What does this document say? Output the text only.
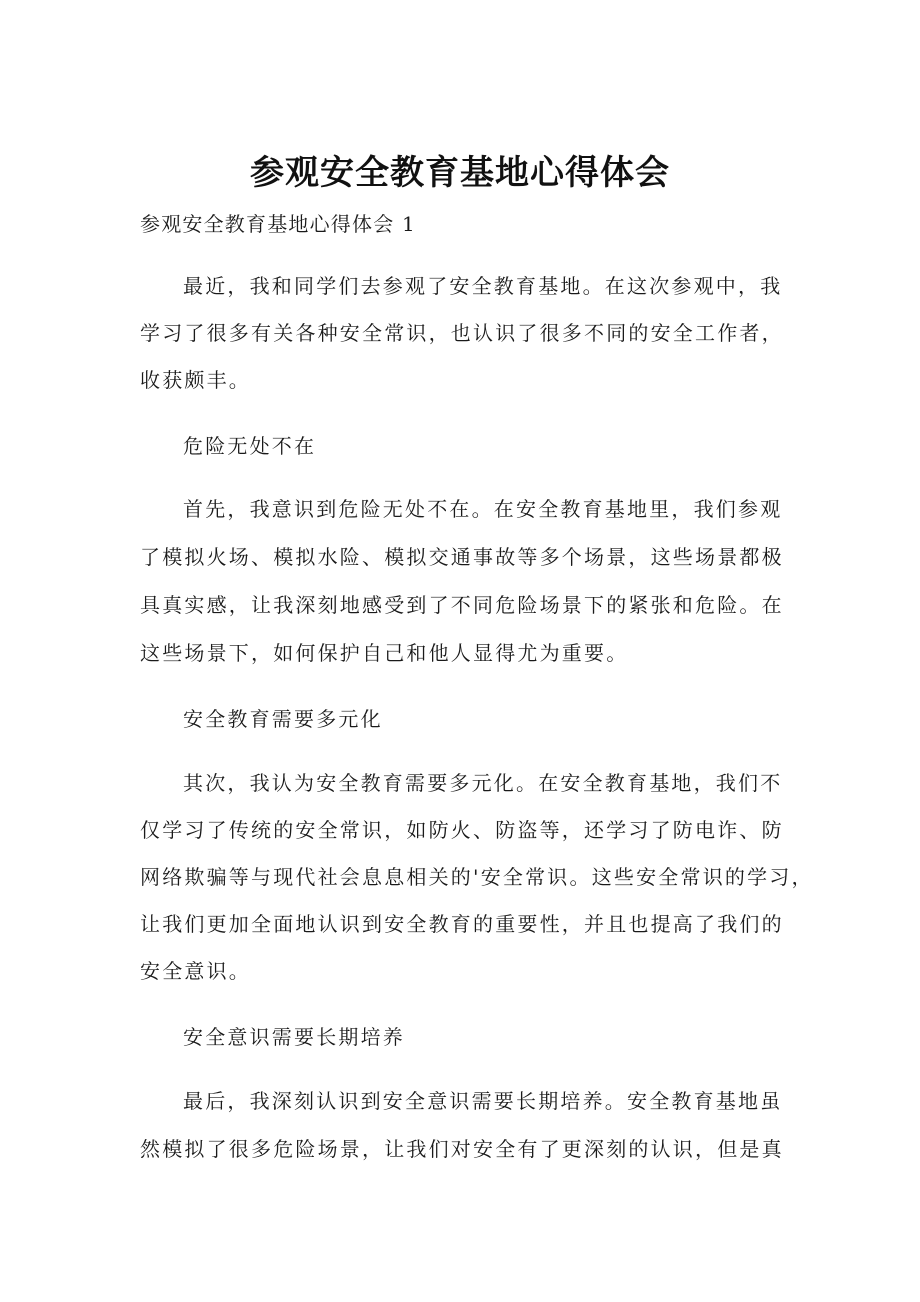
参观安全教育基地心得体会

参观安全教育基地心得体会 1

最近，我和同学们去参观了安全教育基地。在这次参观中，我

学习了很多有关各种安全常识，也认识了很多不同的安全工作者，

收获颇丰。

危险无处不在

首先，我意识到危险无处不在。在安全教育基地里，我们参观

了模拟火场、模拟水险、模拟交通事故等多个场景，这些场景都极

具真实感，让我深刻地感受到了不同危险场景下的紧张和危险。在

这些场景下，如何保护自己和他人显得尤为重要。

安全教育需要多元化

其次，我认为安全教育需要多元化。在安全教育基地，我们不

仅学习了传统的安全常识，如防火、防盗等，还学习了防电诈、防

网络欺骗等与现代社会息息相关的'安全常识。这些安全常识的学习，

让我们更加全面地认识到安全教育的重要性，并且也提高了我们的

安全意识。

安全意识需要长期培养

最后，我深刻认识到安全意识需要长期培养。安全教育基地虽

然模拟了很多危险场景，让我们对安全有了更深刻的认识，但是真
